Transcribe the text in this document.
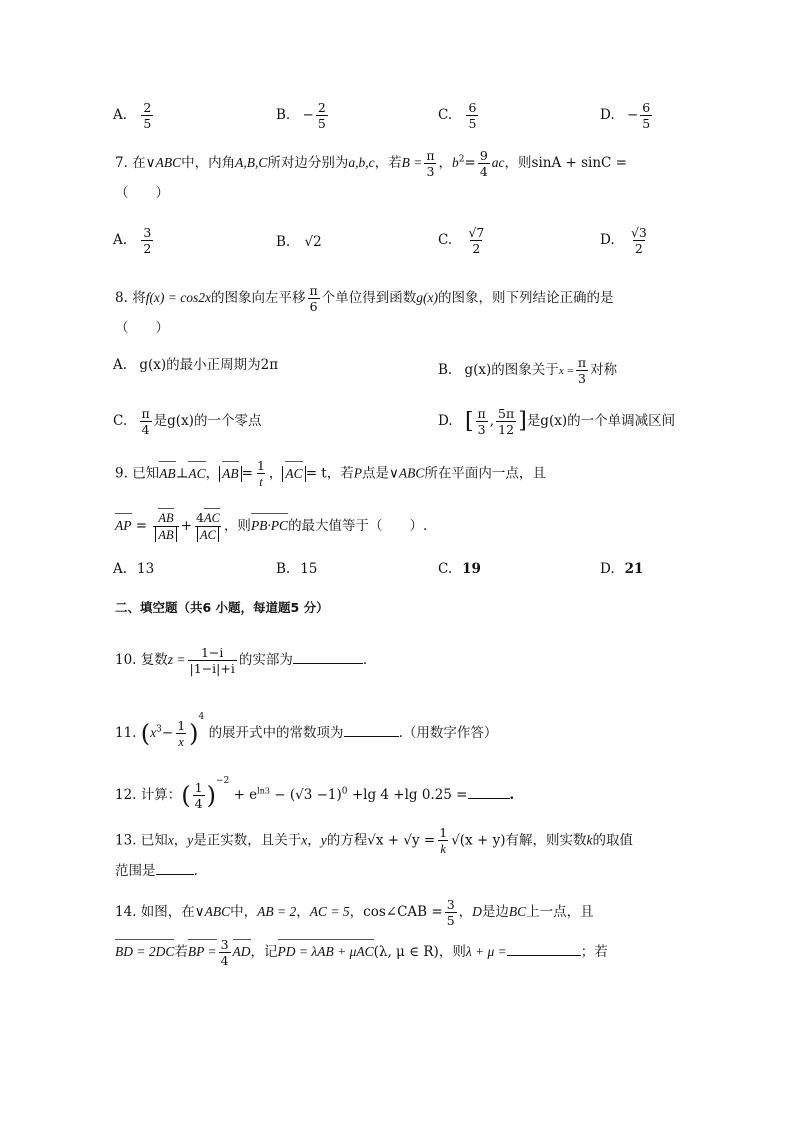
A. $\frac{2}{5}$	B. − $\frac{2}{5}$	C. $\frac{6}{5}$	D. − $\frac{6}{5}$
7. 在∨ABC中，内角A,B,C所对边分别为a,b,c，若$B = \frac{\pi}{3}$ ，$b^2= \frac{9}{4}$ ac，则sinA + sinC =
（　　）
A. $\frac{3}{2}$	B. √2	C. $\frac{√7}{2}$	D. $\frac{√3}{2}$
8. 将f(x) = cos2x的图象向左平移 $\frac{\pi}{6}$ 个单位得到函数g(x)的图象，则下列结论正确的是
（　　）
A. g(x)的最小正周期为2π	B. g(x)的图象关于$x = \frac{\pi}{3}$ 对称
C. $\frac{\pi}{4}$ 是g(x)的一个零点	D. [ $\frac{\pi}{3}$ , $\frac{5\pi}{12}$ ]是g(x)的一个单调减区间
9. 已知AB⊥AC， AB = $\frac{1}{t}$ ， AC = t，若P点是∨ABC所在平面内一点，且
AP = $\frac{AB}{AB} + \frac{4AC}{AC}$ ，则PB·PC的最大值等于（　　）.
A. 13	B. 15	C. 19	D. 21
二、填空题（共6 小题，每道题5 分）
10. 复数$z = \frac{1-i}{|1-i|+i}$ 的实部为	.
11. $(x^3- \frac{1}{x} )^4$ 的展开式中的常数项为	.（用数字作答）
12. 计算：( $\frac{1}{4} )^{-2} + e^{ln3} - (√3 -1)^0 +\lg$ 4 +lg 0.25 =	.
13. 已知x，y是正实数，且关于x，y的方程$√x + √y = \frac{1}{k} √(x + y)$有解，则实数k的取值
范围是	.
14. 如图，在∨ABC中，AB = 2，AC = 5，cos∠CAB = $\frac{3}{5}$ ，D是边BC上一点，且
BD = 2DC若BP = $\frac{3}{4}$ AD，记PD = λAB + μAC(λ, μ ∈ R)，则λ + μ =	；若
